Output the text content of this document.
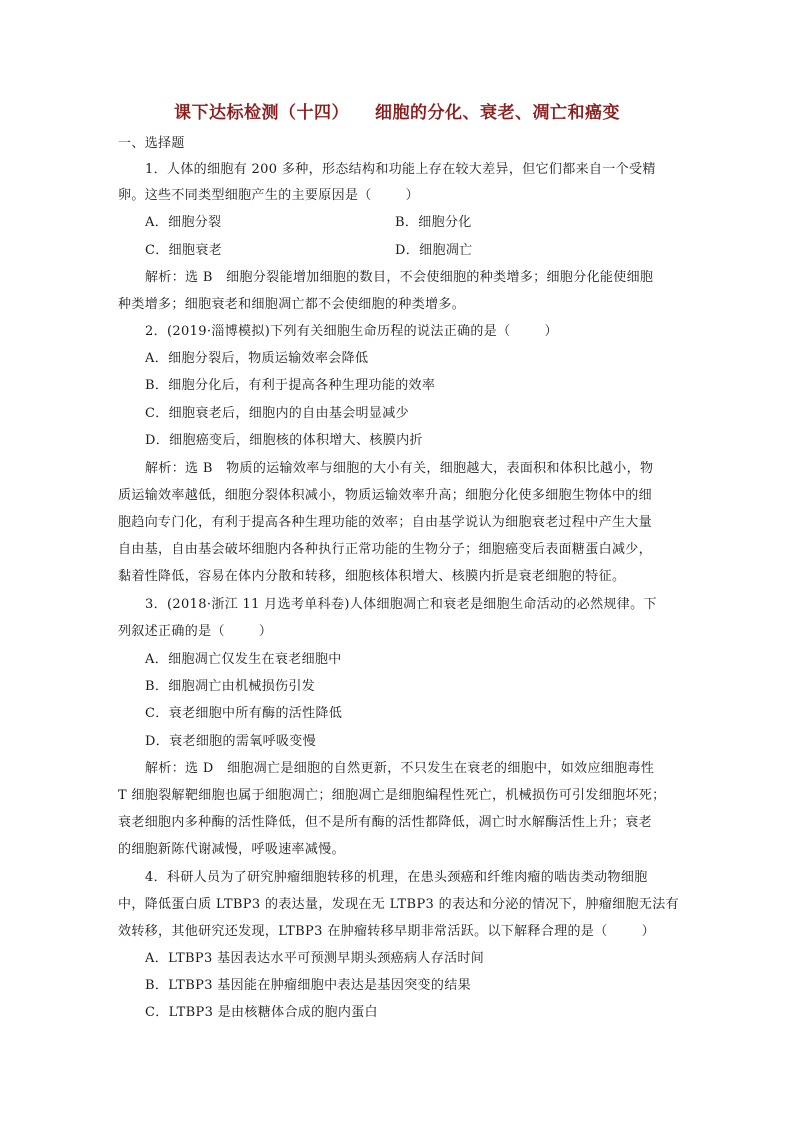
课下达标检测（十四） 细胞的分化、衰老、凋亡和癌变
一、选择题
1．人体的细胞有 200 多种，形态结构和功能上存在较大差异，但它们都来自一个受精
卵。这些不同类型细胞产生的主要原因是（	）
A．细胞分裂	B．细胞分化
C．细胞衰老	D．细胞凋亡
解析：选 B　细胞分裂能增加细胞的数目，不会使细胞的种类增多；细胞分化能使细胞
种类增多；细胞衰老和细胞凋亡都不会使细胞的种类增多。
2．(2019·淄博模拟)下列有关细胞生命历程的说法正确的是（	）
A．细胞分裂后，物质运输效率会降低
B．细胞分化后，有利于提高各种生理功能的效率
C．细胞衰老后，细胞内的自由基会明显减少
D．细胞癌变后，细胞核的体积增大、核膜内折
解析：选 B　物质的运输效率与细胞的大小有关，细胞越大，表面积和体积比越小，物
质运输效率越低，细胞分裂体积减小，物质运输效率升高；细胞分化使多细胞生物体中的细
胞趋向专门化，有利于提高各种生理功能的效率；自由基学说认为细胞衰老过程中产生大量
自由基，自由基会破坏细胞内各种执行正常功能的生物分子；细胞癌变后表面糖蛋白减少，
黏着性降低，容易在体内分散和转移，细胞核体积增大、核膜内折是衰老细胞的特征。
3．(2018·浙江 11 月选考单科卷)人体细胞凋亡和衰老是细胞生命活动的必然规律。下
列叙述正确的是（	）
A．细胞凋亡仅发生在衰老细胞中
B．细胞凋亡由机械损伤引发
C．衰老细胞中所有酶的活性降低
D．衰老细胞的需氧呼吸变慢
解析：选 D　细胞凋亡是细胞的自然更新，不只发生在衰老的细胞中，如效应细胞毒性
T 细胞裂解靶细胞也属于细胞凋亡；细胞凋亡是细胞编程性死亡，机械损伤可引发细胞坏死；
衰老细胞内多种酶的活性降低，但不是所有酶的活性都降低，凋亡时水解酶活性上升；衰老
的细胞新陈代谢减慢，呼吸速率减慢。
4．科研人员为了研究肿瘤细胞转移的机理，在患头颈癌和纤维肉瘤的啮齿类动物细胞
中，降低蛋白质 LTBP3 的表达量，发现在无 LTBP3 的表达和分泌的情况下，肿瘤细胞无法有
效转移，其他研究还发现，LTBP3 在肿瘤转移早期非常活跃。以下解释合理的是（	）
A．LTBP3 基因表达水平可预测早期头颈癌病人存活时间
B．LTBP3 基因能在肿瘤细胞中表达是基因突变的结果
C．LTBP3 是由核糖体合成的胞内蛋白
